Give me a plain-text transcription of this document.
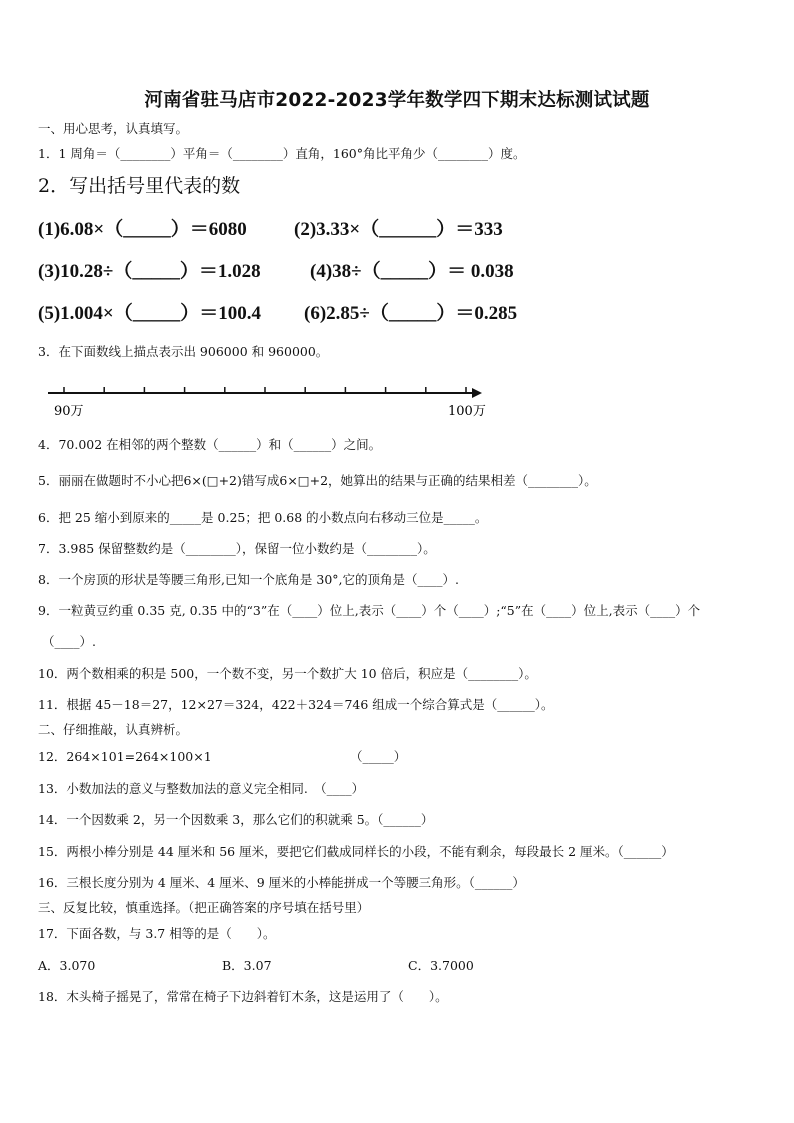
河南省驻马店市2022-2023学年数学四下期末达标测试试题
一、用心思考，认真填写。
1．1 周角＝（________）平角＝（________）直角，160°角比平角少（________）度。
2．写出括号里代表的数
(1)6.08×（_____）＝6080 (2)3.33×（______）＝333
(3)10.28÷（_____）＝1.028	(4)38÷（_____）＝ 0.038
(5)1.004×（_____）＝100.4 (6)2.85÷（_____）＝0.285
3．在下面数线上描点表示出 906000 和 960000。
90万	100万
4．70.002 在相邻的两个整数（______）和（______）之间。
5．丽丽在做题时不小心把6×(□+2)错写成6×□+2，她算出的结果与正确的结果相差（________）。
6．把 25 缩小到原来的_____是 0.25；把 0.68 的小数点向右移动三位是_____。
7．3.985 保留整数约是（________），保留一位小数约是（________）。
8．一个房顶的形状是等腰三角形,已知一个底角是 30°,它的顶角是（____）.
9．一粒黄豆约重 0.35 克, 0.35 中的“3”在（____）位上,表示（____）个（____）;“5”在（____）位上,表示（____）个
（____）.
10．两个数相乘的积是 500，一个数不变，另一个数扩大 10 倍后，积应是（________）。
11．根据 45－18＝27，12×27＝324，422＋324＝746 组成一个综合算式是（______）。
二、仔细推敲，认真辨析。
12．264×101=264×100×1	（_____）
13．小数加法的意义与整数加法的意义完全相同.　（____）
14．一个因数乘 2，另一个因数乘 3，那么它们的积就乘 5。（______）
15．两根小棒分别是 44 厘米和 56 厘米，要把它们截成同样长的小段，不能有剩余，每段最长 2 厘米。（______）
16．三根长度分别为 4 厘米、4 厘米、9 厘米的小棒能拼成一个等腰三角形。（______）
三、反复比较，慎重选择。（把正确答案的序号填在括号里）
17．下面各数，与 3.7 相等的是（　　）。
A．3.070	B．3.07	C．3.7000
18．木头椅子摇晃了，常常在椅子下边斜着钉木条，这是运用了（　　）。
